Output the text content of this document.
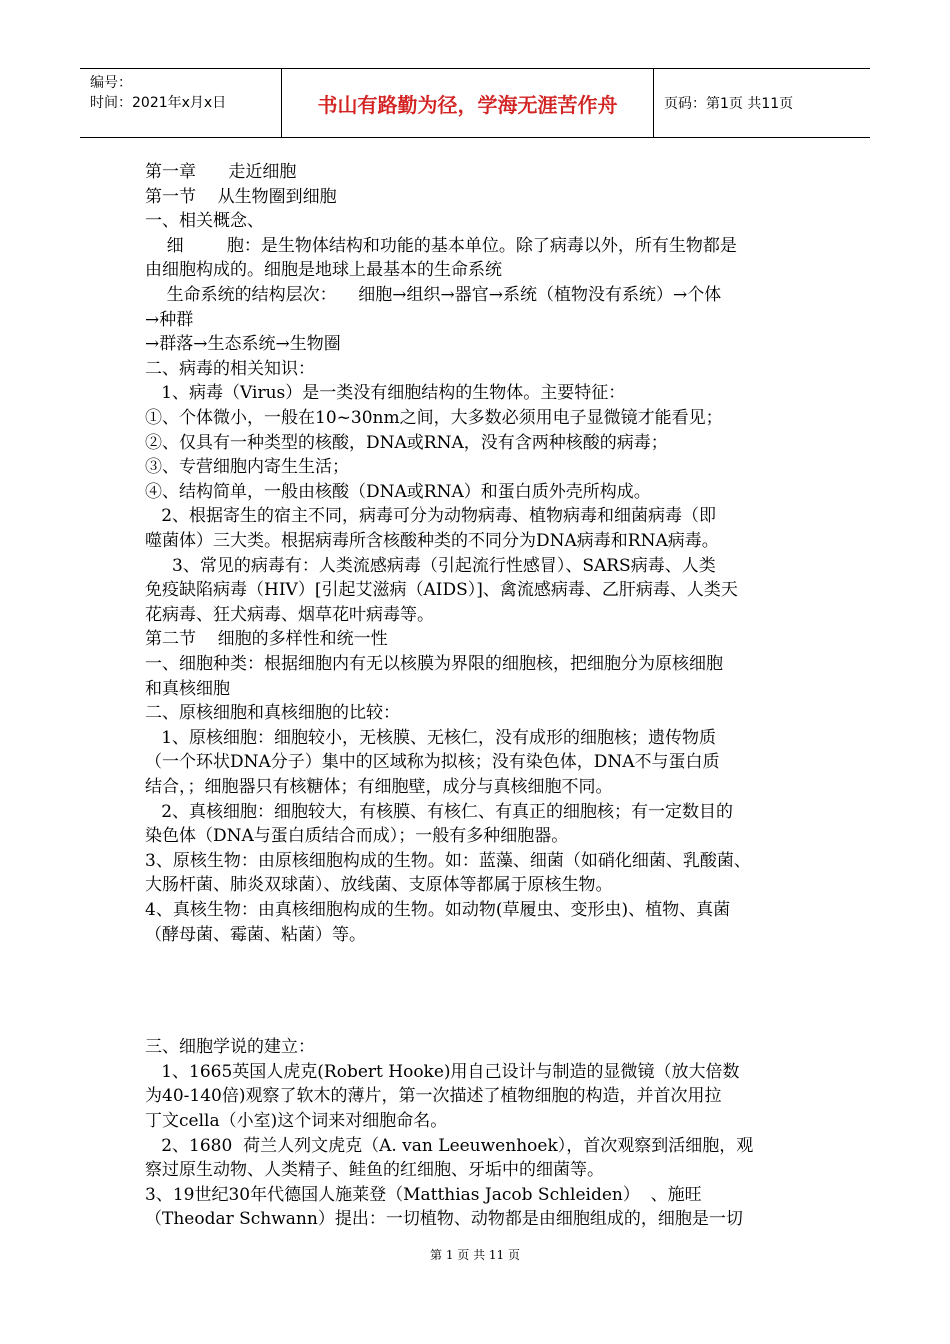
编号：
时间：2021年x月x日	书山有路勤为径，学海无涯苦作舟	页码：第1页 共11页
第一章      走近细胞
第一节    从生物圈到细胞
一、相关概念、
细        胞：是生物体结构和功能的基本单位。除了病毒以外，所有生物都是
由细胞构成的。细胞是地球上最基本的生命系统
生命系统的结构层次：    细胞→组织→器官→系统（植物没有系统）→个体
→种群
→群落→生态系统→生物圈
二、病毒的相关知识：
1、病毒（Virus）是一类没有细胞结构的生物体。主要特征：
①、个体微小，一般在10~30nm之间，大多数必须用电子显微镜才能看见；
②、仅具有一种类型的核酸，DNA或RNA，没有含两种核酸的病毒；
③、专营细胞内寄生生活；
④、结构简单，一般由核酸（DNA或RNA）和蛋白质外壳所构成。
2、根据寄生的宿主不同，病毒可分为动物病毒、植物病毒和细菌病毒（即
噬菌体）三大类。根据病毒所含核酸种类的不同分为DNA病毒和RNA病毒。
3、常见的病毒有：人类流感病毒（引起流行性感冒）、SARS病毒、人类
免疫缺陷病毒（HIV）[引起艾滋病（AIDS）]、禽流感病毒、乙肝病毒、人类天
花病毒、狂犬病毒、烟草花叶病毒等。
第二节    细胞的多样性和统一性
一、细胞种类：根据细胞内有无以核膜为界限的细胞核，把细胞分为原核细胞
和真核细胞
二、原核细胞和真核细胞的比较：
1、原核细胞：细胞较小，无核膜、无核仁，没有成形的细胞核；遗传物质
（一个环状DNA分子）集中的区域称为拟核；没有染色体，DNA不与蛋白质
结合，；细胞器只有核糖体；有细胞壁，成分与真核细胞不同。
2、真核细胞：细胞较大，有核膜、有核仁、有真正的细胞核；有一定数目的
染色体（DNA与蛋白质结合而成）；一般有多种细胞器。
3、原核生物：由原核细胞构成的生物。如：蓝藻、细菌（如硝化细菌、乳酸菌、
大肠杆菌、肺炎双球菌）、放线菌、支原体等都属于原核生物。
4、真核生物：由真核细胞构成的生物。如动物(草履虫、变形虫)、植物、真菌
（酵母菌、霉菌、粘菌）等。
三、细胞学说的建立：
1、1665英国人虎克(Robert Hooke)用自己设计与制造的显微镜（放大倍数
为40-140倍)观察了软木的薄片，第一次描述了植物细胞的构造，并首次用拉
丁文cella（小室)这个词来对细胞命名。
2、1680  荷兰人列文虎克（A. van Leeuwenhoek），首次观察到活细胞，观
察过原生动物、人类精子、鲑鱼的红细胞、牙垢中的细菌等。
3、19世纪30年代德国人施莱登（Matthias Jacob Schleiden）  、施旺
（Theodar Schwann）提出：一切植物、动物都是由细胞组成的，细胞是一切
第 1 页 共 11 页
